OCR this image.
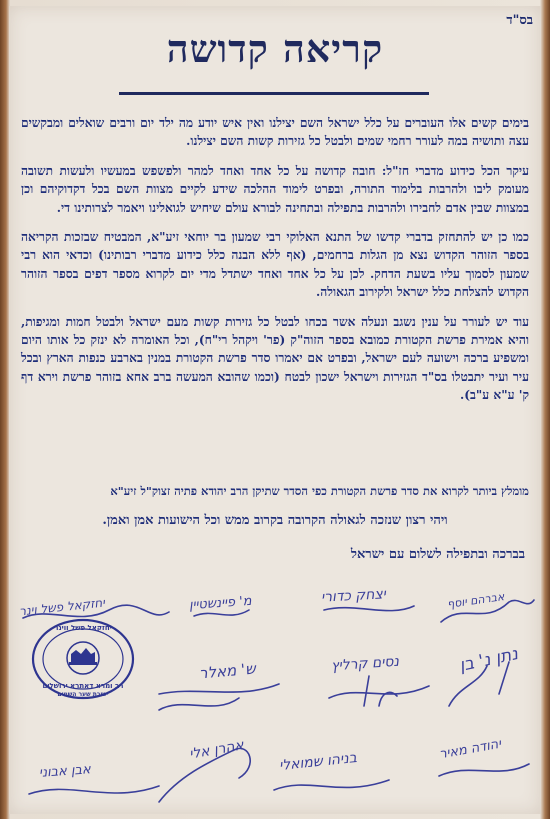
בס"ד
קריאה קדושה

בימים קשים אלו העוברים על כלל ישראל השם יצילנו ואין איש יודע מה ילד יום ורבים שואלים ומבקשים עצה ותושיה במה לעורר רחמי שמים ולבטל כל גזירות קשות השם יצילנו.

עיקר הכל כידוע מדברי חז"ל: חובה קדושה על כל אחד ואחד למהר ולפשפש במעשיו ולעשות תשובה מעומק ליבו ולהרבות בלימוד התורה, ובפרט לימוד ההלכה שידע לקיים מצוות השם בכל דקדוקיהם וכן במצוות שבין אדם לחבירו ולהרבות בתפילה ובתחינה לבורא עולם שיחיש לגואלינו ויאמר לצרותינו די.

כמו כן יש להתחזק בדברי קדשו של התנא האלוקי רבי שמעון בר יוחאי זיע"א, המבטיח שבזכות הקריאה בספר הזוהר הקדוש נצא מן הגלות ברחמים, (אף ללא הבנה כלל כידוע מדברי רבותינו) וכדאי הוא רבי שמעון לסמוך עליו בשעת הדחק. לכן על כל אחד ואחד ישתדל מדי יום לקרוא מספר דפים בספר הזוהר הקדוש להצלחת כלל ישראל ולקירוב הגאולה.

עוד יש לעורר על ענין נשגב ונעלה אשר בכחו לבטל כל גזירות קשות מעם ישראל ולבטל חמות ומגיפות, והיא אמירת פרשת הקטורת כמובא בספר הזוה"ק (פר' ויקהל רי"ח), וכל האומרה לא ינזק כל אותו היום ומשפיע ברכה וישועה לעם ישראל, ובפרט אם יאמרו סדר פרשת הקטורת במנין בארבע כנפות הארץ ובכל עיר ועיר יתבטלו בס"ד הגזירות וישראל ישכון לבטח (וכמו שהובא המעשה ברב אחא בזוהר פרשת וירא דף ק' ע"א ע"ב).

מומלץ ביותר לקרוא את סדר פרשת הקטורת כפי הסדר שתיקן הרב יהודא פתיה זצוק"ל זיע"א
ויהי רצון שנזכה לגאולה הקרובה בקרוב ממש וכל הישועות אמן ואמן.
בברכה ובתפילה לשלום עם ישראל
יחזקאל פשל וינר	מ' פיינשטיין	יצחק כדורי	אברהם יוסף
ש' מאלר	נסים קרליץ	נתן נ' בן
אבן אבוני
אהרן אלי בניהו שמואלי	יהודה מאיר
יחזקאל פשל ווינר
רב ומרא דאתרא ירושלים
ישיבת שער השמים
